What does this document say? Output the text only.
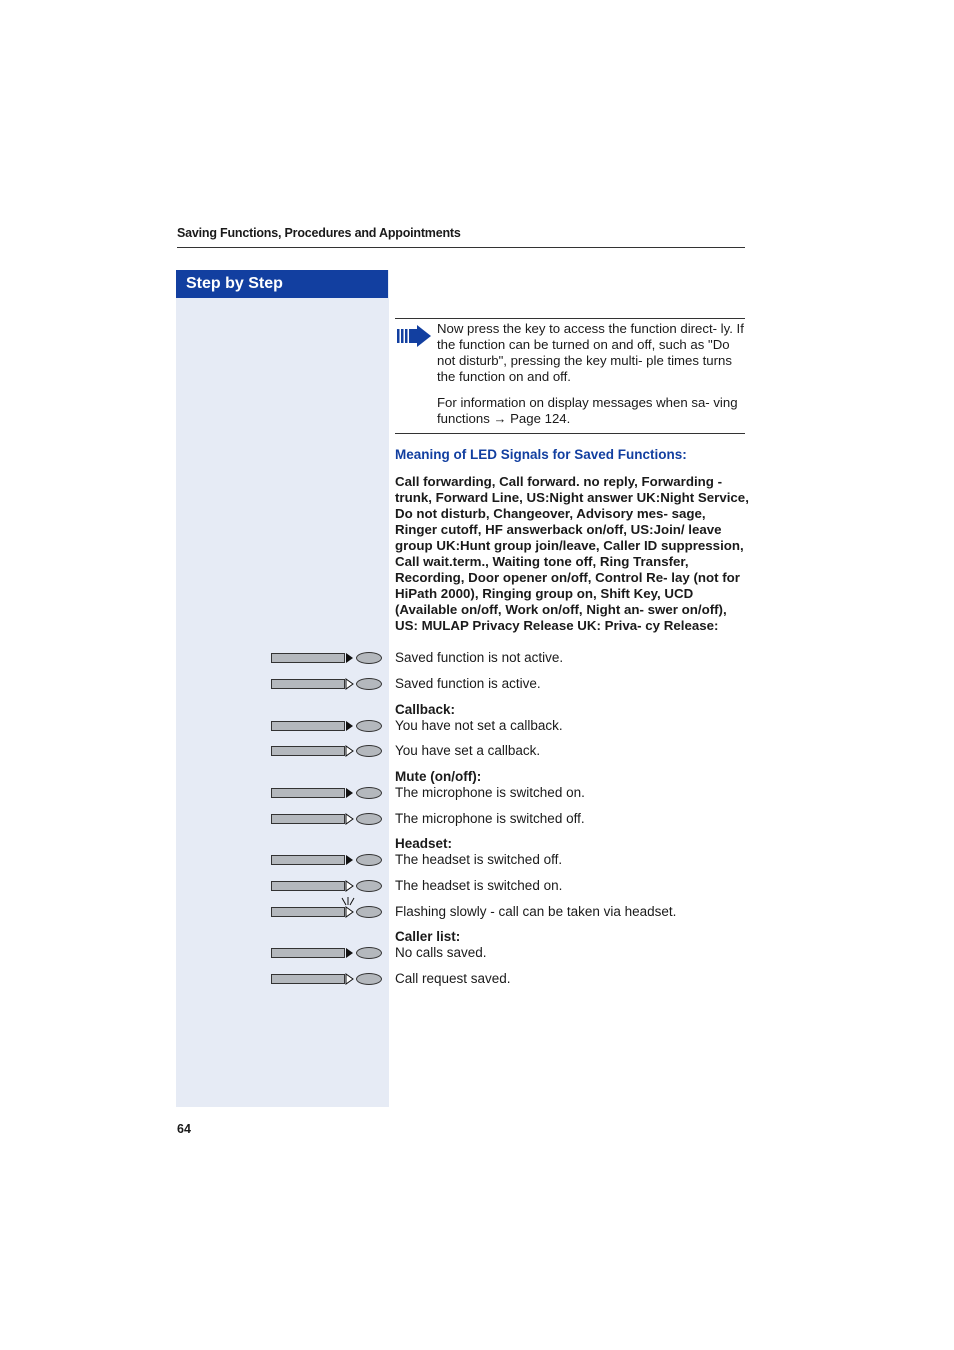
Saving Functions, Procedures and Appointments
Step by Step

Now press the key to access the function direct- ly. If the function can be turned on and off, such as "Do not disturb", pressing the key multi- ple times turns the function on and off.

For information on display messages when sa- ving functions → Page 124.

Meaning of LED Signals for Saved Functions:
Call forwarding, Call forward. no reply, Forwarding - trunk, Forward Line, US:Night answer UK:Night Service, Do not disturb, Changeover, Advisory mes- sage, Ringer cutoff, HF answerback on/off, US:Join/ leave group UK:Hunt group join/leave, Caller ID suppression, Call wait.term., Waiting tone off, Ring Transfer, Recording, Door opener on/off, Control Re- lay (not for HiPath 2000), Ringing group on, Shift Key, UCD (Available on/off, Work on/off, Night an- swer on/off), US: MULAP Privacy Release UK: Priva- cy Release:
Callback:
Mute (on/off):
Headset:
Caller list:
Saved function is not active.
Saved function is active.
You have not set a callback.
You have set a callback.
The microphone is switched on.
The microphone is switched off.
The headset is switched off.
The headset is switched on.
Flashing slowly - call can be taken via headset.
No calls saved.
Call request saved.
64
